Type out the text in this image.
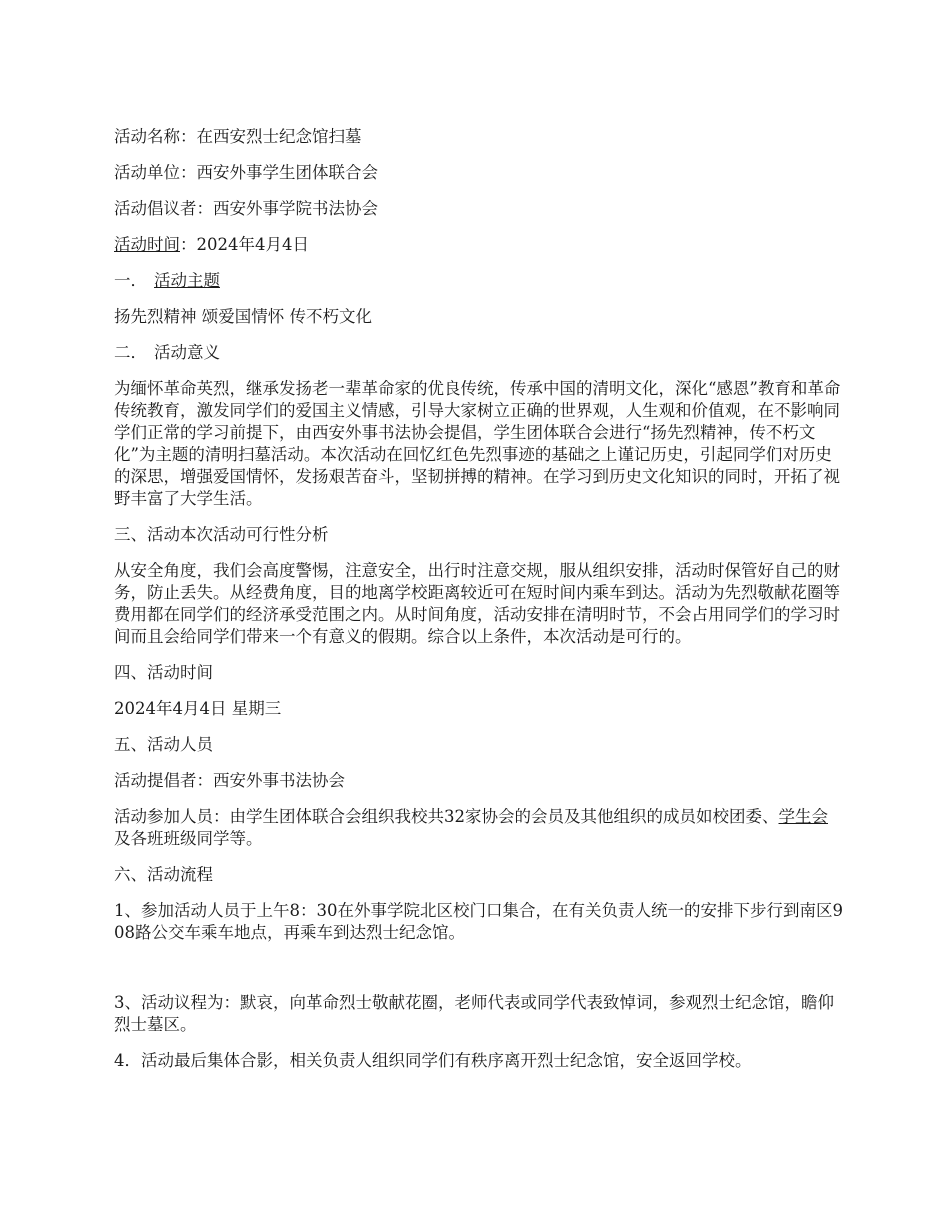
活动名称：在西安烈士纪念馆扫墓

活动单位：西安外事学生团体联合会

活动倡议者：西安外事学院书法协会

活动时间：2024年4月4日

一． 活动主题

扬先烈精神 颂爱国情怀 传不朽文化

二． 活动意义

为缅怀革命英烈，继承发扬老一辈革命家的优良传统，传承中国的清明文化，深化“感恩”教育和革命传统教育，激发同学们的爱国主义情感，引导大家树立正确的世界观，人生观和价值观，在不影响同学们正常的学习前提下，由西安外事书法协会提倡，学生团体联合会进行“扬先烈精神，传不朽文化”为主题的清明扫墓活动。本次活动在回忆红色先烈事迹的基础之上谨记历史，引起同学们对历史的深思，增强爱国情怀，发扬艰苦奋斗，坚韧拼搏的精神。在学习到历史文化知识的同时，开拓了视野丰富了大学生活。

三、活动本次活动可行性分析

从安全角度，我们会高度警惕，注意安全，出行时注意交规，服从组织安排，活动时保管好自己的财务，防止丢失。从经费角度，目的地离学校距离较近可在短时间内乘车到达。活动为先烈敬献花圈等费用都在同学们的经济承受范围之内。从时间角度，活动安排在清明时节，不会占用同学们的学习时间而且会给同学们带来一个有意义的假期。综合以上条件，本次活动是可行的。

四、活动时间

2024年4月4日 星期三

五、活动人员

活动提倡者：西安外事书法协会

活动参加人员：由学生团体联合会组织我校共32家协会的会员及其他组织的成员如校团委、学生会及各班班级同学等。

六、活动流程

1、参加活动人员于上午8：30在外事学院北区校门口集合，在有关负责人统一的安排下步行到南区908路公交车乘车地点，再乘车到达烈士纪念馆。

3、活动议程为：默哀，向革命烈士敬献花圈，老师代表或同学代表致悼词，参观烈士纪念馆，瞻仰烈士墓区。

4．活动最后集体合影，相关负责人组织同学们有秩序离开烈士纪念馆，安全返回学校。
